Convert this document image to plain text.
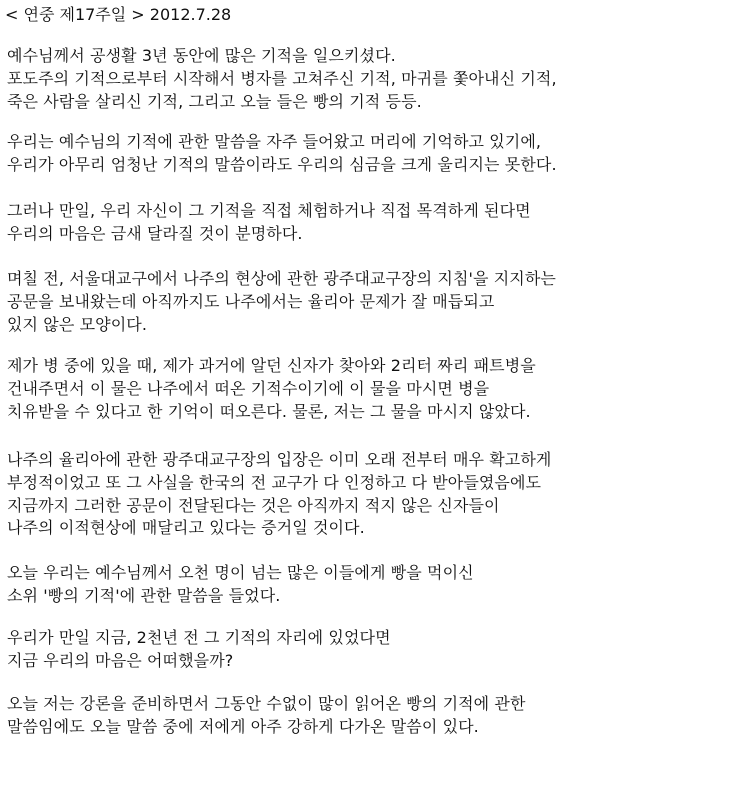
< 연중 제17주일 > 2012.7.28

예수님께서 공생활 3년 동안에 많은 기적을 일으키셨다.
포도주의 기적으로부터 시작해서 병자를 고쳐주신 기적, 마귀를 쫓아내신 기적,
죽은 사람을 살리신 기적, 그리고 오늘 들은 빵의 기적 등등.

우리는 예수님의 기적에 관한 말씀을 자주 들어왔고 머리에 기억하고 있기에,
우리가 아무리 엄청난 기적의 말씀이라도 우리의 심금을 크게 울리지는 못한다.

그러나 만일, 우리 자신이 그 기적을 직접 체험하거나 직접 목격하게 된다면
우리의 마음은 금새 달라질 것이 분명하다.

며칠 전, 서울대교구에서 나주의 현상에 관한 광주대교구장의 지침'을 지지하는
공문을 보내왔는데 아직까지도 나주에서는 율리아 문제가 잘 매듭되고
있지 않은 모양이다.

제가 병 중에 있을 때, 제가 과거에 알던 신자가 찾아와 2리터 짜리 패트병을
건내주면서 이 물은 나주에서 떠온 기적수이기에 이 물을 마시면 병을
치유받을 수 있다고 한 기억이 떠오른다. 물론, 저는 그 물을 마시지 않았다.

나주의 율리아에 관한 광주대교구장의 입장은 이미 오래 전부터 매우 확고하게
부정적이었고 또 그 사실을 한국의 전 교구가 다 인정하고 다 받아들였음에도
지금까지 그러한 공문이 전달된다는 것은 아직까지 적지 않은 신자들이
나주의 이적현상에 매달리고 있다는 증거일 것이다.

오늘 우리는 예수님께서 오천 명이 넘는 많은 이들에게 빵을 먹이신
소위 '빵의 기적'에 관한 말씀을 들었다.

우리가 만일 지금, 2천년 전 그 기적의 자리에 있었다면
지금 우리의 마음은 어떠했을까?

오늘 저는 강론을 준비하면서 그동안 수없이 많이 읽어온 빵의 기적에 관한
말씀임에도 오늘 말씀 중에 저에게 아주 강하게 다가온 말씀이 있다.
